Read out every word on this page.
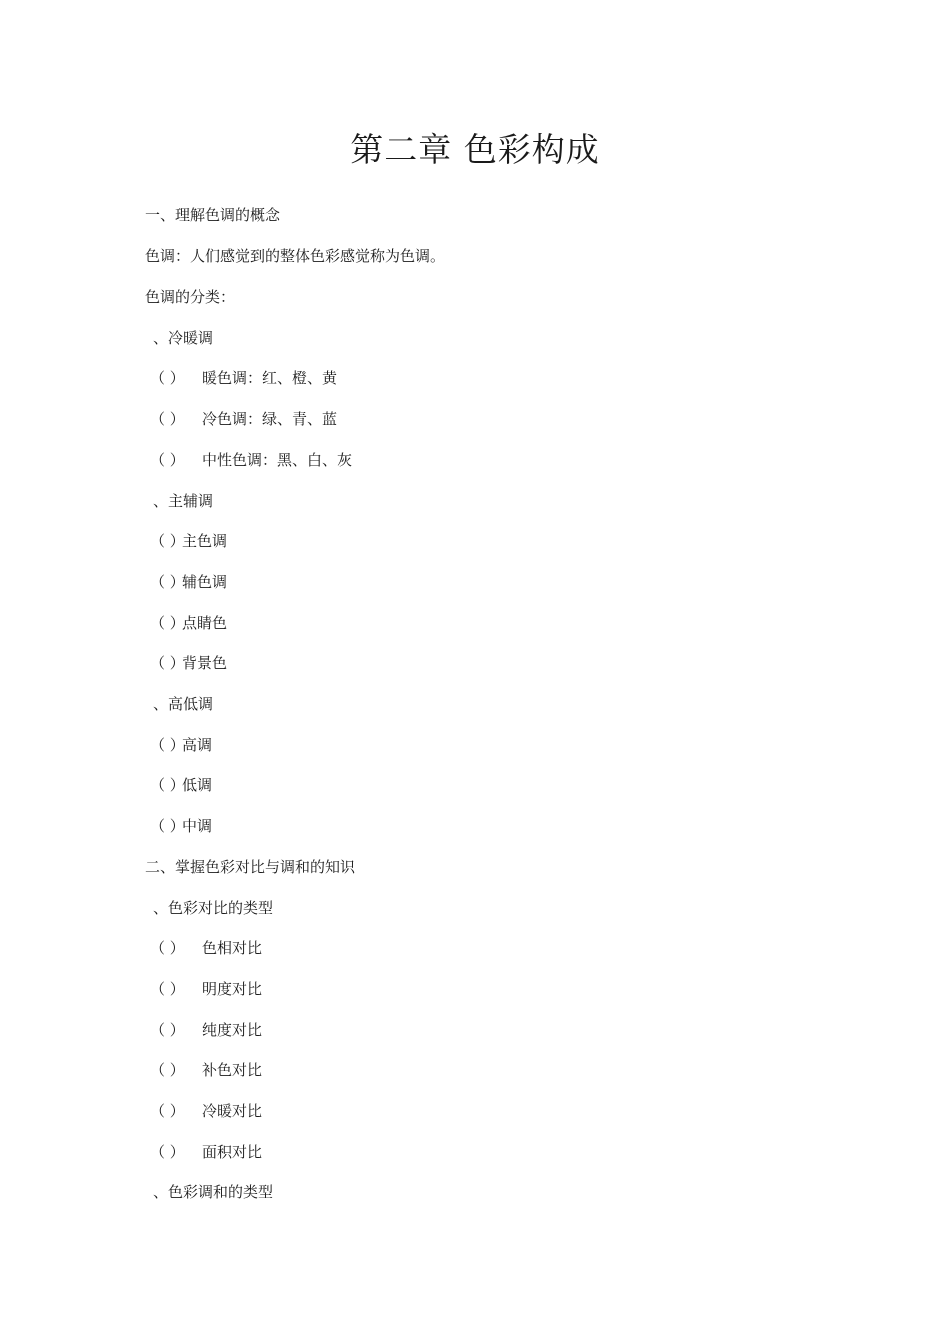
第二章 色彩构成
一、理解色调的概念
色调：人们感觉到的整体色彩感觉称为色调。
色调的分类：
、冷暖调
（ ） 暖色调：红、橙、黄
（ ） 冷色调：绿、青、蓝
（ ） 中性色调：黑、白、灰
、主辅调
（ ）主色调
（ ）辅色调
（ ）点睛色
（ ）背景色
、高低调
（ ）高调
（ ）低调
（ ）中调
二、掌握色彩对比与调和的知识
、色彩对比的类型
（ ） 色相对比
（ ） 明度对比
（ ） 纯度对比
（ ） 补色对比
（ ） 冷暖对比
（ ） 面积对比
、色彩调和的类型
